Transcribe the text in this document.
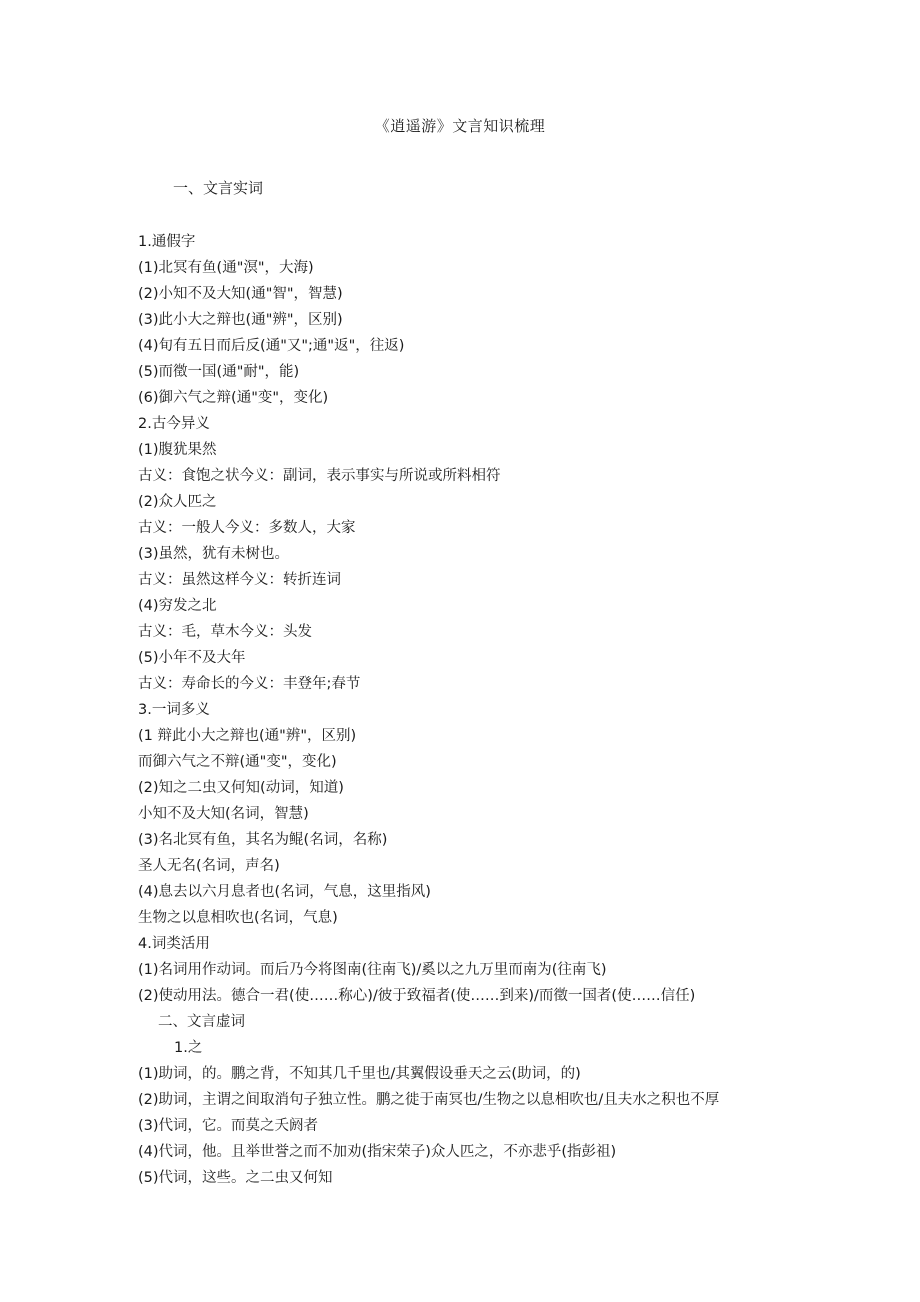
《逍遥游》文言知识梳理
一、文言实词
1.通假字
(1)北冥有鱼(通"溟"，大海)
(2)小知不及大知(通"智"，智慧)
(3)此小大之辩也(通"辨"，区别)
(4)旬有五日而后反(通"又";通"返"，往返)
(5)而徵一国(通"耐"，能)
(6)御六气之辩(通"变"，变化)
2.古今异义
(1)腹犹果然
古义：食饱之状今义：副词，表示事实与所说或所料相符
(2)众人匹之
古义：一般人今义：多数人，大家
(3)虽然，犹有未树也。
古义：虽然这样今义：转折连词
(4)穷发之北
古义：毛，草木今义：头发
(5)小年不及大年
古义：寿命长的今义：丰登年;春节
3.一词多义
(1 辩此小大之辩也(通"辨"，区别)
而御六气之不辩(通"变"，变化)
(2)知之二虫又何知(动词，知道)
小知不及大知(名词，智慧)
(3)名北冥有鱼，其名为鲲(名词，名称)
圣人无名(名词，声名)
(4)息去以六月息者也(名词，气息，这里指风)
生物之以息相吹也(名词，气息)
4.词类活用
(1)名词用作动词。而后乃今将图南(往南飞)/奚以之九万里而南为(往南飞)
(2)使动用法。德合一君(使……称心)/彼于致福者(使……到来)/而徵一国者(使……信任)
二、文言虚词
1.之
(1)助词，的。鹏之背，不知其几千里也/其翼假设垂天之云(助词，的)
(2)助词，主谓之间取消句子独立性。鹏之徙于南冥也/生物之以息相吹也/且夫水之积也不厚
(3)代词，它。而莫之夭阏者
(4)代词，他。且举世誉之而不加劝(指宋荣子)众人匹之，不亦悲乎(指彭祖)
(5)代词，这些。之二虫又何知
